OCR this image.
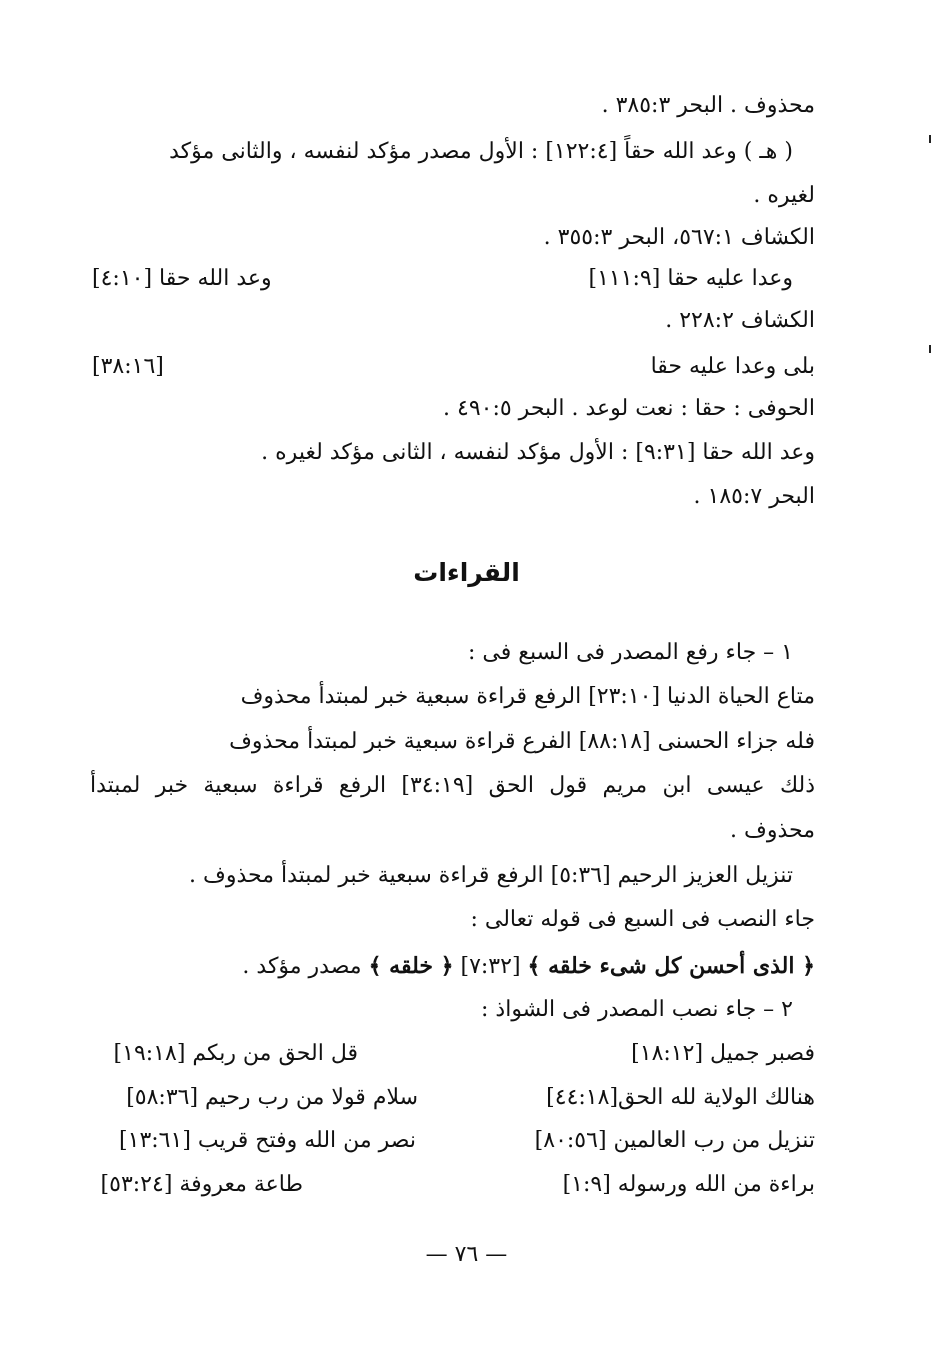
محذوف . البحر ٣٨٥:٣ .
( هـ ) وعد الله حقاً [١٢٢:٤] : الأول مصدر مؤكد لنفسه ، والثانى مؤكد
لغيره .
الكشاف ٥٦٧:١، البحر ٣٥٥:٣ .
وعدا عليه حقا [١١١:٩]
وعد الله حقا [٤:١٠]
الكشاف ٢٢٨:٢ .
بلى وعدا عليه حقا
[٣٨:١٦]
الحوفى : حقا : نعت لوعد . البحر ٤٩٠:٥ .
وعد الله حقا [٩:٣١] : الأول مؤكد لنفسه ، الثانى مؤكد لغيره .
البحر ١٨٥:٧ .
القراءات
١ – جاء رفع المصدر فى السبع فى :
متاع الحياة الدنيا [٢٣:١٠] الرفع قراءة سبعية خبر لمبتدأ محذوف
فله جزاء الحسنى [٨٨:١٨] الفرع قراءة سبعية خبر لمبتدأ محذوف
ذلك عيسى ابن مريم قول الحق [٣٤:١٩] الرفع قراءة سبعية خبر لمبتدأ
محذوف .
تنزيل العزيز الرحيم [٥:٣٦] الرفع قراءة سبعية خبر لمبتدأ محذوف .
جاء النصب فى السبع فى قوله تعالى :
﴿ الذى أحسن كل شىء خلقه ﴾ [٧:٣٢] ﴿ خلقه ﴾ مصدر مؤكد .
٢ – جاء نصب المصدر فى الشواذ :
فصبر جميل [١٨:١٢]
قل الحق من ربكم [١٩:١٨]
هنالك الولاية لله الحق[٤٤:١٨]
سلام قولا من رب رحيم [٥٨:٣٦]
تنزيل من رب العالمين [٨٠:٥٦]
نصر من الله وفتح قريب [١٣:٦١]
براءة من الله ورسوله [١:٩]
طاعة معروفة [٥٣:٢٤]
— ٧٦ —
